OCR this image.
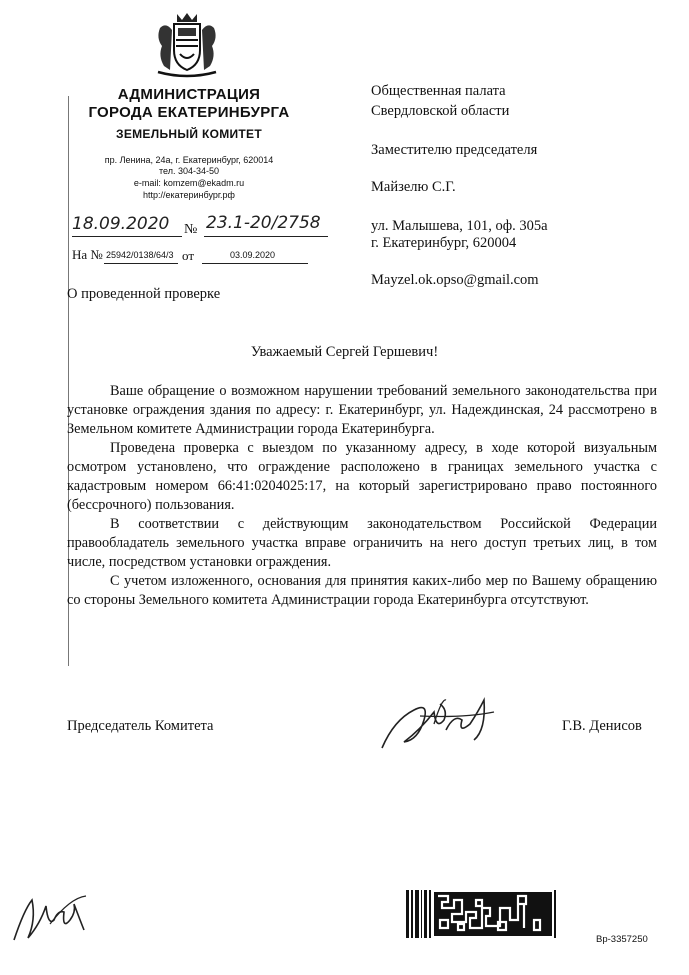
АДМИНИСТРАЦИЯ
ГОРОДА ЕКАТЕРИНБУРГА
ЗЕМЕЛЬНЫЙ КОМИТЕТ
пр. Ленина, 24а, г. Екатеринбург, 620014
тел. 304-34-50
e-mail: komzem@ekadm.ru
http://екатеринбург.рф
18.09.2020	№ 23.1-20/2758
На № 25942/0138/64/3 от	03.09.2020
Общественная палата
Свердловской области
Заместителю председателя
Майзелю С.Г.
ул. Малышева, 101, оф. 305а
г. Екатеринбург, 620004
Mayzel.ok.opso@gmail.com
О проведенной проверке
Уважаемый Сергей Гершевич!

Ваше обращение о возможном нарушении требований земельного законодательства при установке ограждения здания по адресу: г. Екатеринбург, ул. Надеждинская, 24 рассмотрено в Земельном комитете Администрации города Екатеринбурга.

Проведена проверка с выездом по указанному адресу, в ходе которой визуальным осмотром установлено, что ограждение расположено в границах земельного участка с кадастровым номером 66:41:0204025:17, на который зарегистрировано право постоянного (бессрочного) пользования.

В соответствии с действующим законодательством Российской Федерации правообладатель земельного участка вправе ограничить на него доступ третьих лиц, в том числе, посредством установки ограждения.

С учетом изложенного, основания для принятия каких-либо мер по Вашему обращению со стороны Земельного комитета Администрации города Екатеринбурга отсутствуют.

Председатель Комитета	Г.В. Денисов
Вр-3357250
